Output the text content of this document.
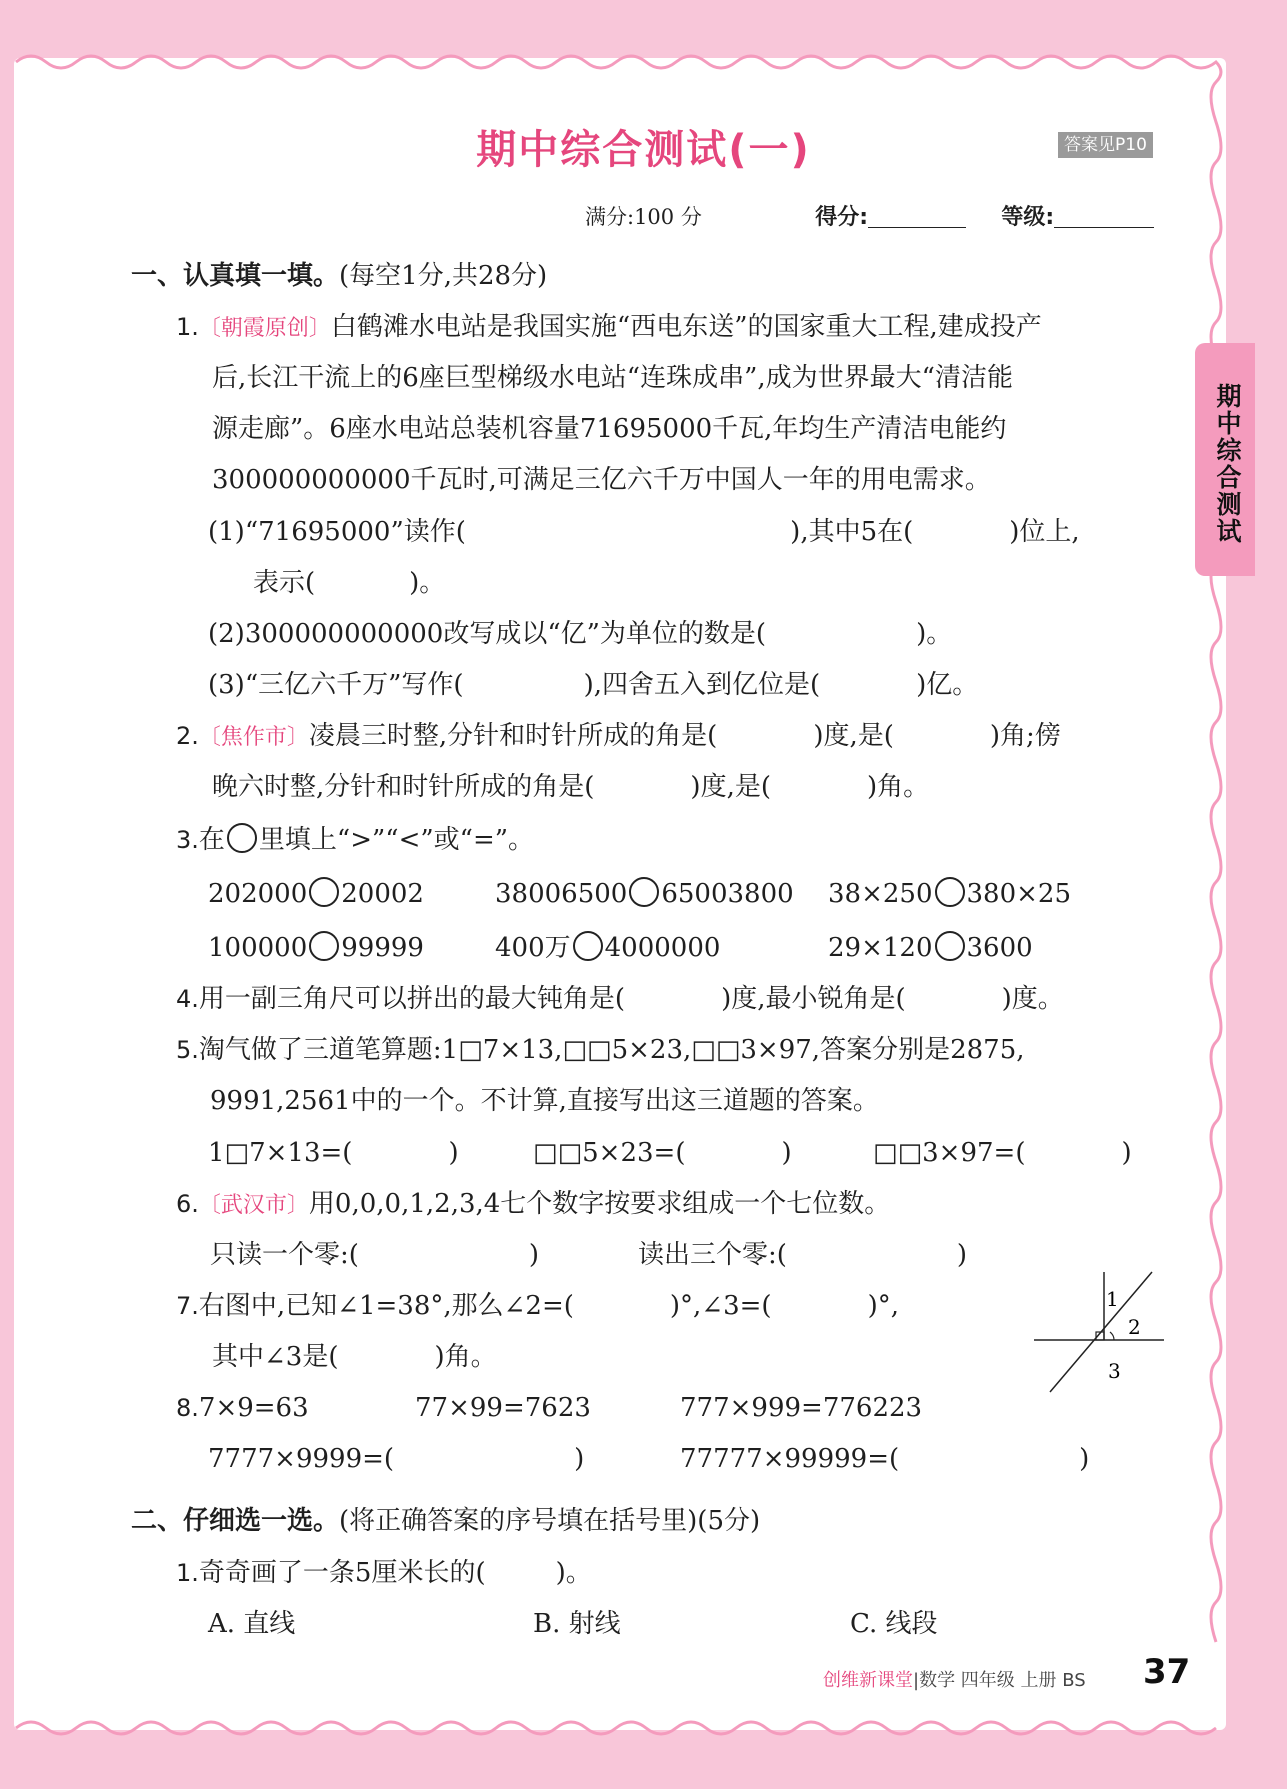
期中综合测试(一)	答案见P10
满分:100 分	得分:	等级:
期中综合测试
一、认真填一填。(每空1分,共28分)
1.〔朝霞原创〕白鹤滩水电站是我国实施“西电东送”的国家重大工程,建成投产
后,长江干流上的6座巨型梯级水电站“连珠成串”,成为世界最大“清洁能
源走廊”。6座水电站总装机容量71695000千瓦,年均生产清洁电能约
300000000000千瓦时,可满足三亿六千万中国人一年的用电需求。
(1)“71695000”读作(	),其中5在(	)位上,
表示(	)。
(2)300000000000改写成以“亿”为单位的数是(	)。
(3)“三亿六千万”写作(	),四舍五入到亿位是(	)亿。
2.〔焦作市〕凌晨三时整,分针和时针所成的角是(	)度,是(	)角;傍
晚六时整,分针和时针所成的角是(	)度,是(	)角。
3.在 里填上“>”“<”或“=”。
202000 20002	38006500 65003800 38×250 380×25
100000 99999	400万 4000000	29×120 3600
4.用一副三角尺可以拼出的最大钝角是(	)度,最小锐角是(	)度。
5.淘气做了三道笔算题:1□7×13,□□5×23,□□3×97,答案分别是2875,
9991,2561中的一个。不计算,直接写出这三道题的答案。
1□7×13=(	)	□□5×23=(	)	□□3×97=(	)
6.〔武汉市〕用0,0,0,1,2,3,4七个数字按要求组成一个七位数。
只读一个零:(	)	读出三个零:(	)
7.右图中,已知∠1=38°,那么∠2=(	)°,∠3=(	)°,
其中∠3是(	)角。
1
2
3
8.7×9=63	77×99=7623	777×999=776223
7777×9999=(	)	77777×99999=(	)
二、仔细选一选。(将正确答案的序号填在括号里)(5分)
1.奇奇画了一条5厘米长的(	)。
A. 直线	B. 射线	C. 线段
创维新课堂|数学 四年级 上册 BS 37
